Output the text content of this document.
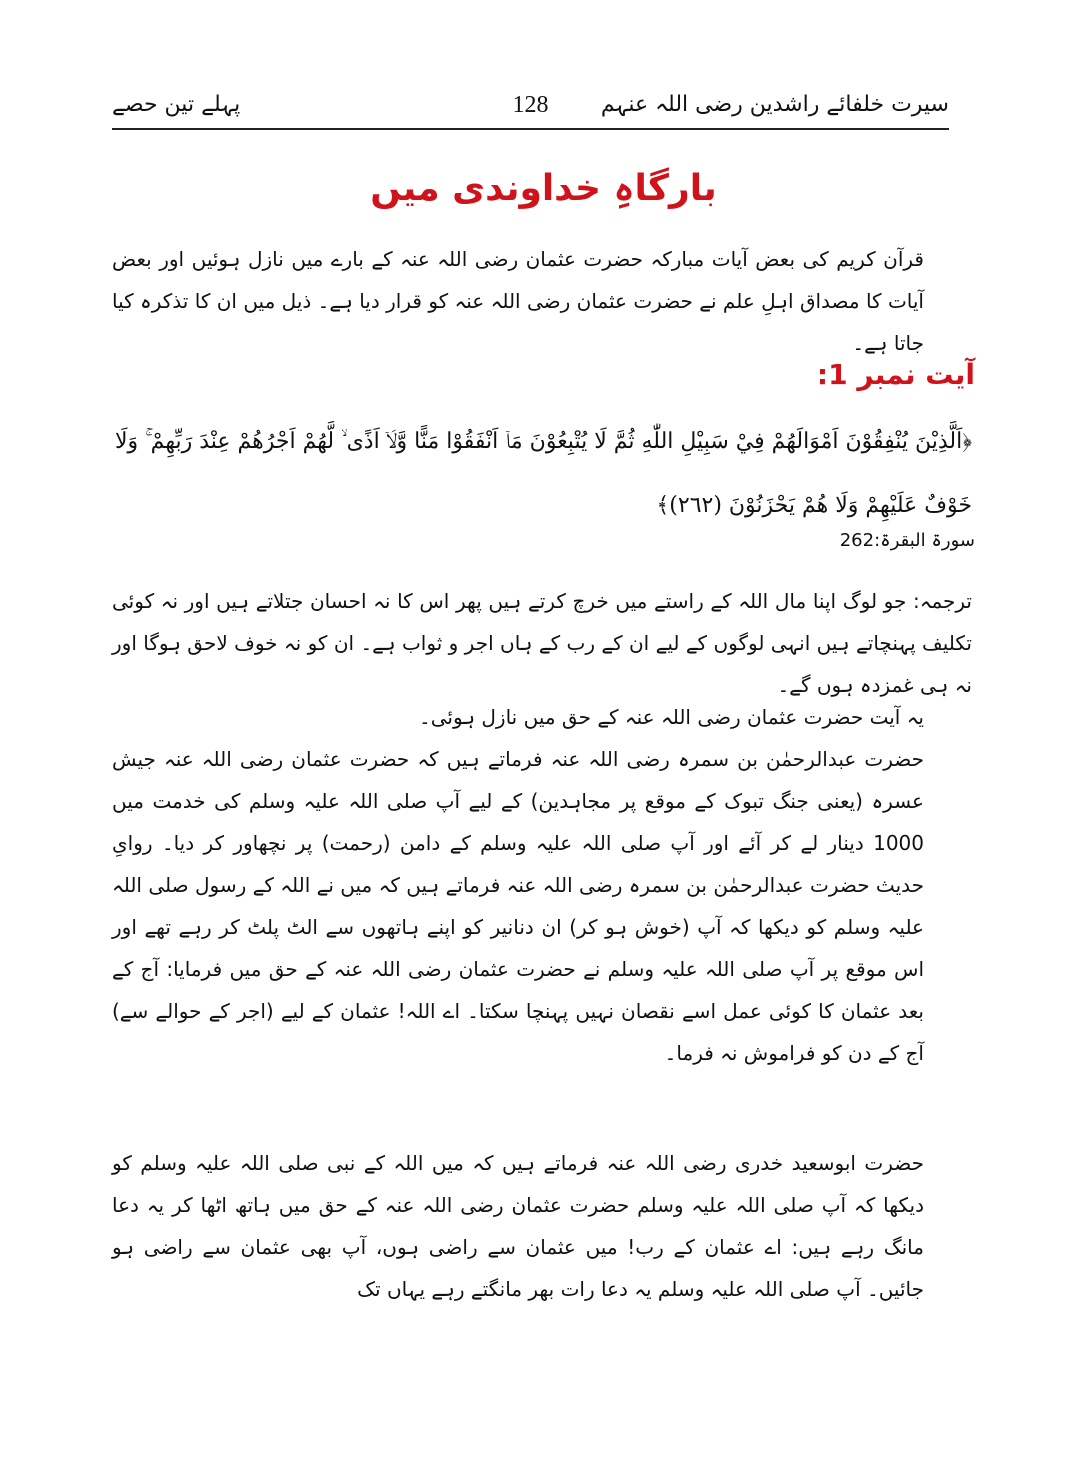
سیرت خلفائے راشدین رضی اللہ عنہم
128
پہلے تین حصے
بارگاہِ خداوندی میں

قرآن کریم کی بعض آیات مبارکہ حضرت عثمان رضی اللہ عنہ کے بارے میں نازل ہوئیں اور بعض آیات کا مصداق اہلِ علم نے حضرت عثمان رضی اللہ عنہ کو قرار دیا ہے۔ ذیل میں ان کا تذکرہ کیا جاتا ہے۔

آیت نمبر 1:

﴿اَلَّذِيْنَ يُنْفِقُوْنَ اَمْوَالَهُمْ فِيْ سَبِيْلِ اللّٰهِ ثُمَّ لَا يُتْبِعُوْنَ مَاۤ اَنْفَقُوْا مَنًّا وَّلَاۤ اَذًى ۙ لَّهُمْ اَجْرُهُمْ عِنْدَ رَبِّهِمْ ۚ وَلَا خَوْفٌ عَلَيْهِمْ وَلَا هُمْ يَحْزَنُوْنَ (٢٦٢)﴾

سورۃ البقرۃ:262

ترجمہ: جو لوگ اپنا مال اللہ کے راستے میں خرچ کرتے ہیں پھر اس کا نہ احسان جتلاتے ہیں اور نہ کوئی تکلیف پہنچاتے ہیں انہی لوگوں کے لیے ان کے رب کے ہاں اجر و ثواب ہے۔ ان کو نہ خوف لاحق ہوگا اور نہ ہی غمزدہ ہوں گے۔

یہ آیت حضرت عثمان رضی اللہ عنہ کے حق میں نازل ہوئی۔

حضرت عبدالرحمٰن بن سمرہ رضی اللہ عنہ فرماتے ہیں کہ حضرت عثمان رضی اللہ عنہ جیش عسرہ (یعنی جنگ تبوک کے موقع پر مجاہدین) کے لیے آپ صلی اللہ علیہ وسلم کی خدمت میں 1000 دینار لے کر آئے اور آپ صلی اللہ علیہ وسلم کے دامن (رحمت) پر نچھاور کر دیا۔ روایِ حدیث حضرت عبدالرحمٰن بن سمرہ رضی اللہ عنہ فرماتے ہیں کہ میں نے اللہ کے رسول صلی اللہ علیہ وسلم کو دیکھا کہ آپ (خوش ہو کر) ان دنانیر کو اپنے ہاتھوں سے الٹ پلٹ کر رہے تھے اور اس موقع پر آپ صلی اللہ علیہ وسلم نے حضرت عثمان رضی اللہ عنہ کے حق میں فرمایا: آج کے بعد عثمان کا کوئی عمل اسے نقصان نہیں پہنچا سکتا۔ اے اللہ! عثمان کے لیے (اجر کے حوالے سے) آج کے دن کو فراموش نہ فرما۔

حضرت ابوسعید خدری رضی اللہ عنہ فرماتے ہیں کہ میں اللہ کے نبی صلی اللہ علیہ وسلم کو دیکھا کہ آپ صلی اللہ علیہ وسلم حضرت عثمان رضی اللہ عنہ کے حق میں ہاتھ اٹھا کر یہ دعا مانگ رہے ہیں: اے عثمان کے رب! میں عثمان سے راضی ہوں، آپ بھی عثمان سے راضی ہو جائیں۔ آپ صلی اللہ علیہ وسلم یہ دعا رات بھر مانگتے رہے یہاں تک
